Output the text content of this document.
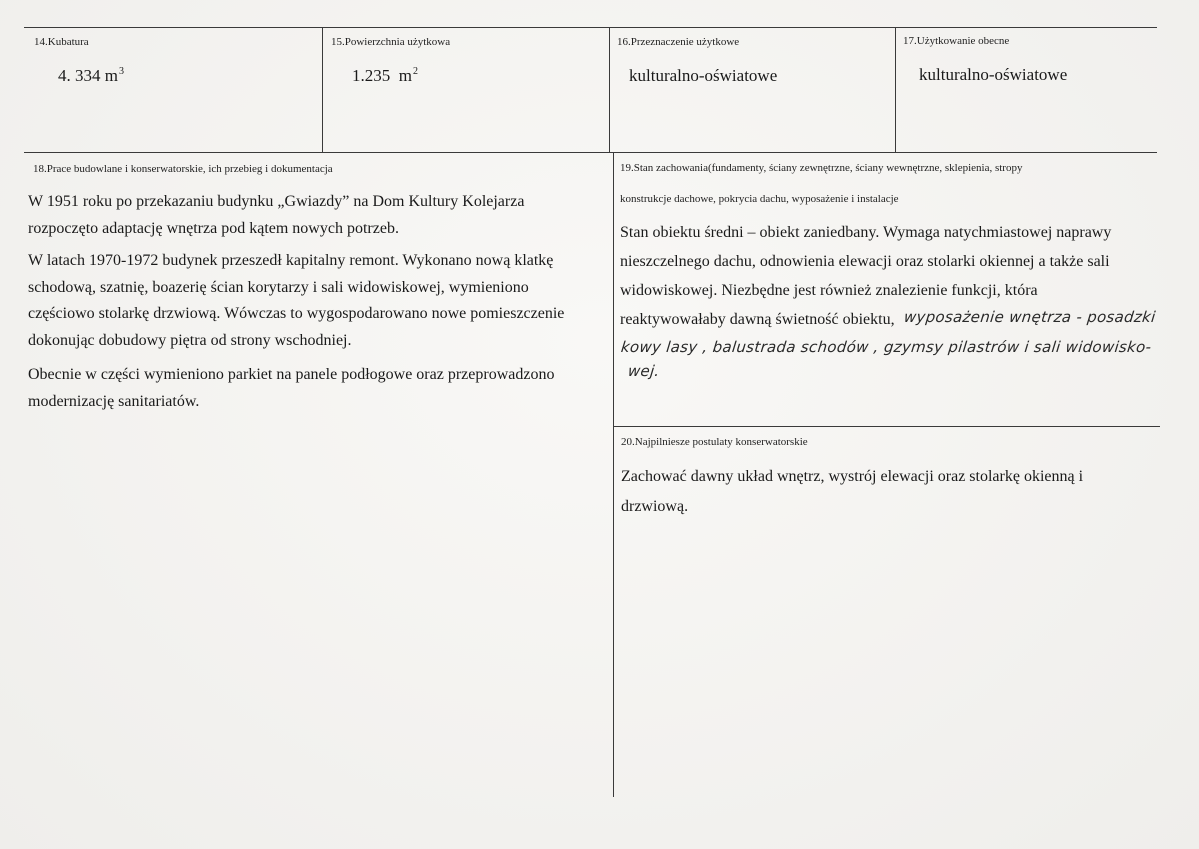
14.Kubatura
4. 334 $m^3$
15.Powierzchnia użytkowa
1.235 $m^2$
16.Przeznaczenie użytkowe
kulturalno-oświatowe
17.Użytkowanie obecne
kulturalno-oświatowe
18.Prace budowlane i konserwatorskie, ich przebieg i dokumentacja

W 1951 roku po przekazaniu budynku „Gwiazdy” na Dom Kultury Kolejarza

rozpoczęto adaptację wnętrza pod kątem nowych potrzeb.

W latach 1970-1972 budynek przeszedł kapitalny remont. Wykonano nową klatkę

schodową, szatnię, boazerię ścian korytarzy i sali widowiskowej, wymieniono

częściowo stolarkę drzwiową. Wówczas to wygospodarowano nowe pomieszczenie

dokonując dobudowy piętra od strony wschodniej.

Obecnie w części wymieniono parkiet na panele podłogowe oraz przeprowadzono

modernizację sanitariatów.

19.Stan zachowania(fundamenty, ściany zewnętrzne, ściany wewnętrzne, sklepienia, stropy
konstrukcje dachowe, pokrycia dachu, wyposażenie i instalacje

Stan obiektu średni – obiekt zaniedbany. Wymaga natychmiastowej naprawy

nieszczelnego dachu, odnowienia elewacji oraz stolarki okiennej a także sali

widowiskowej. Niezbędne jest również znalezienie funkcji, która

reaktywowałaby dawną świetność obiektu, wyposażenie wnętrza - posadzki
kowy lasy , balustrada schodów , gzymsy pilastrów i sali widowisko-
wej.
20.Najpilniesze postulaty konserwatorskie

Zachować dawny układ wnętrz, wystrój elewacji oraz stolarkę okienną i

drzwiową.
